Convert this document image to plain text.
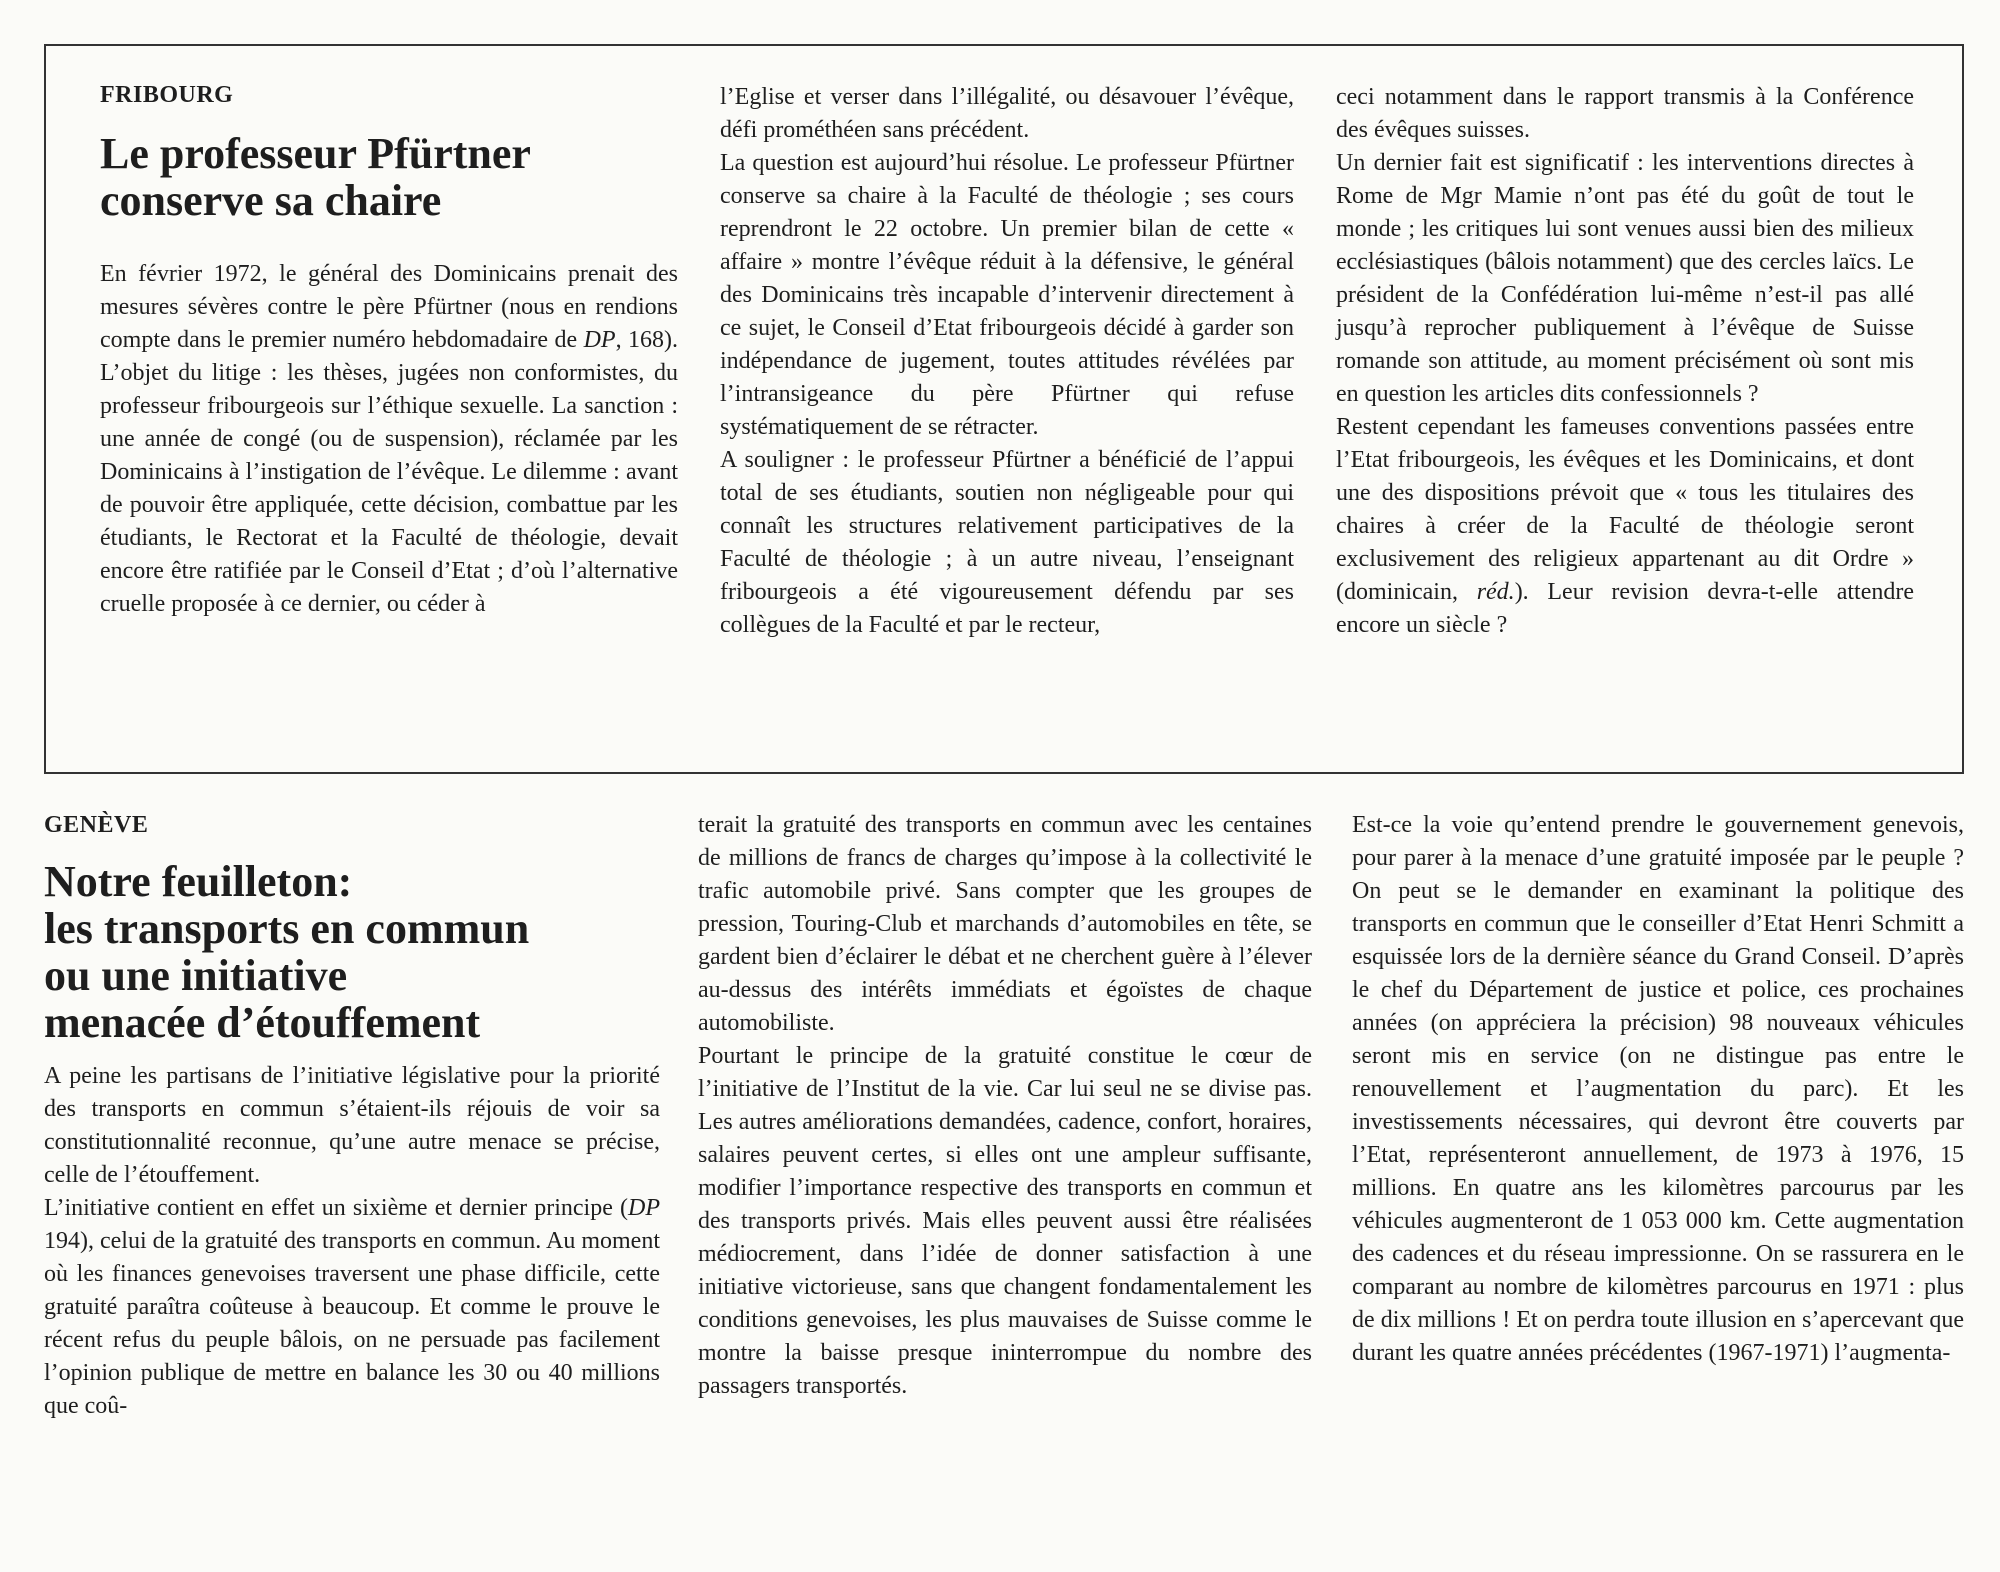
FRIBOURG

Le professeur Pfürtner
conserve sa chaire

En février 1972, le général des Dominicains prenait des mesures sévères contre le père Pfürtner (nous en rendions compte dans le premier numéro hebdomadaire de DP, 168). L’objet du litige : les thèses, jugées non conformistes, du professeur fribourgeois sur l’éthique sexuelle. La sanction : une année de congé (ou de suspension), réclamée par les Dominicains à l’instigation de l’évêque. Le dilemme : avant de pouvoir être appliquée, cette décision, combattue par les étudiants, le Rectorat et la Faculté de théologie, devait encore être ratifiée par le Conseil d’Etat ; d’où l’alternative cruelle proposée à ce dernier, ou céder à

l’Eglise et verser dans l’illégalité, ou désavouer l’évêque, défi prométhéen sans précédent.

La question est aujourd’hui résolue. Le professeur Pfürtner conserve sa chaire à la Faculté de théologie ; ses cours reprendront le 22 octobre. Un premier bilan de cette « affaire » montre l’évêque réduit à la défensive, le général des Dominicains très incapable d’intervenir directement à ce sujet, le Conseil d’Etat fribourgeois décidé à garder son indépendance de jugement, toutes attitudes révélées par l’intransigeance du père Pfürtner qui refuse systématiquement de se rétracter.

A souligner : le professeur Pfürtner a bénéficié de l’appui total de ses étudiants, soutien non négligeable pour qui connaît les structures relativement participatives de la Faculté de théologie ; à un autre niveau, l’enseignant fribourgeois a été vigoureusement défendu par ses collègues de la Faculté et par le recteur,

ceci notamment dans le rapport transmis à la Conférence des évêques suisses.

Un dernier fait est significatif : les interventions directes à Rome de Mgr Mamie n’ont pas été du goût de tout le monde ; les critiques lui sont venues aussi bien des milieux ecclésiastiques (bâlois notamment) que des cercles laïcs. Le président de la Confédération lui-même n’est-il pas allé jusqu’à reprocher publiquement à l’évêque de Suisse romande son attitude, au moment précisément où sont mis en question les articles dits confessionnels ?

Restent cependant les fameuses conventions passées entre l’Etat fribourgeois, les évêques et les Dominicains, et dont une des dispositions prévoit que « tous les titulaires des chaires à créer de la Faculté de théologie seront exclusivement des religieux appartenant au dit Ordre » (dominicain, réd.). Leur revision devra-t-elle attendre encore un siècle ?

GENÈVE

Notre feuilleton:
les transports en commun
ou une initiative
menacée d’étouffement

A peine les partisans de l’initiative législative pour la priorité des transports en commun s’étaient-ils réjouis de voir sa constitutionnalité reconnue, qu’une autre menace se précise, celle de l’étouffement.

L’initiative contient en effet un sixième et dernier principe (DP 194), celui de la gratuité des transports en commun. Au moment où les finances genevoises traversent une phase difficile, cette gratuité paraîtra coûteuse à beaucoup. Et comme le prouve le récent refus du peuple bâlois, on ne persuade pas facilement l’opinion publique de mettre en balance les 30 ou 40 millions que coû-

terait la gratuité des transports en commun avec les centaines de millions de francs de charges qu’impose à la collectivité le trafic automobile privé. Sans compter que les groupes de pression, Touring-Club et marchands d’automobiles en tête, se gardent bien d’éclairer le débat et ne cherchent guère à l’élever au-dessus des intérêts immédiats et égoïstes de chaque automobiliste.

Pourtant le principe de la gratuité constitue le cœur de l’initiative de l’Institut de la vie. Car lui seul ne se divise pas. Les autres améliorations demandées, cadence, confort, horaires, salaires peuvent certes, si elles ont une ampleur suffisante, modifier l’importance respective des transports en commun et des transports privés. Mais elles peuvent aussi être réalisées médiocrement, dans l’idée de donner satisfaction à une initiative victorieuse, sans que changent fondamentalement les conditions genevoises, les plus mauvaises de Suisse comme le montre la baisse presque ininterrompue du nombre des passagers transportés.

Est-ce la voie qu’entend prendre le gouvernement genevois, pour parer à la menace d’une gratuité imposée par le peuple ? On peut se le demander en examinant la politique des transports en commun que le conseiller d’Etat Henri Schmitt a esquissée lors de la dernière séance du Grand Conseil. D’après le chef du Département de justice et police, ces prochaines années (on appréciera la précision) 98 nouveaux véhicules seront mis en service (on ne distingue pas entre le renouvellement et l’augmentation du parc). Et les investissements nécessaires, qui devront être couverts par l’Etat, représenteront annuellement, de 1973 à 1976, 15 millions. En quatre ans les kilomètres parcourus par les véhicules augmenteront de 1 053 000 km. Cette augmentation des cadences et du réseau impressionne. On se rassurera en le comparant au nombre de kilomètres parcourus en 1971 : plus de dix millions ! Et on perdra toute illusion en s’apercevant que durant les quatre années précédentes (1967-1971) l’augmenta-
